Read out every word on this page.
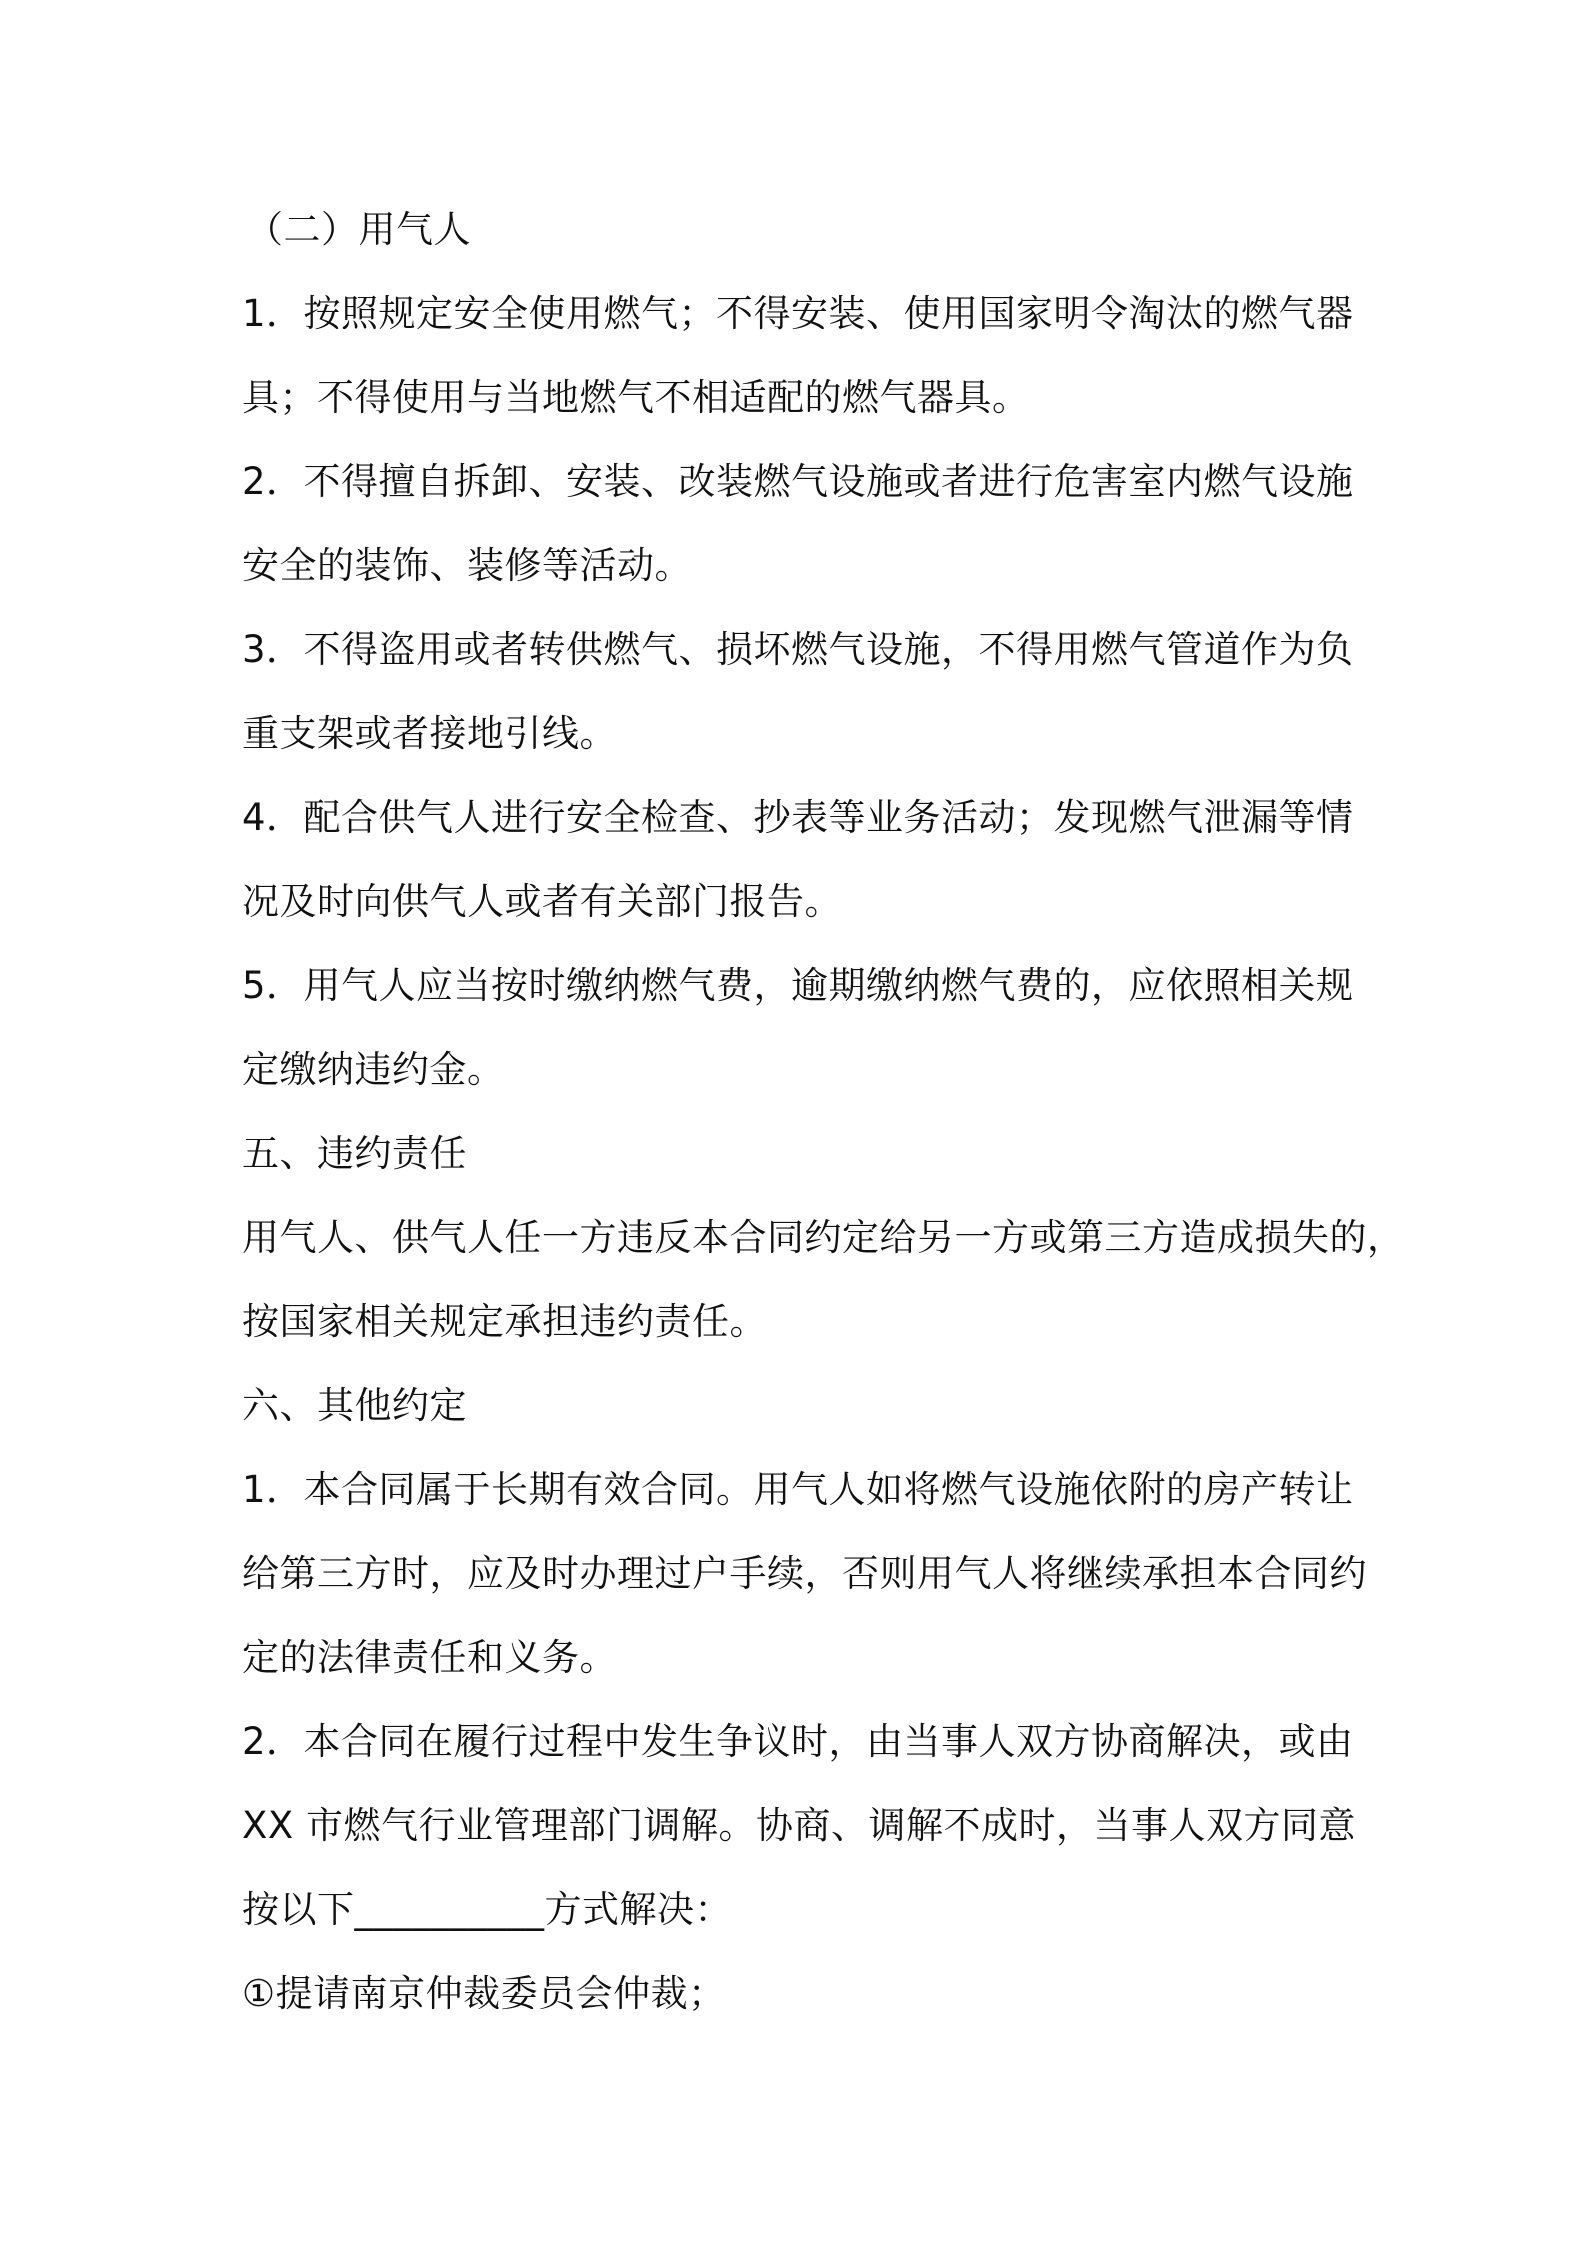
（二）用气人
1．按照规定安全使用燃气；不得安装、使用国家明令淘汰的燃气器
具；不得使用与当地燃气不相适配的燃气器具。
2．不得擅自拆卸、安装、改装燃气设施或者进行危害室内燃气设施
安全的装饰、装修等活动。
3．不得盗用或者转供燃气、损坏燃气设施，不得用燃气管道作为负
重支架或者接地引线。
4．配合供气人进行安全检查、抄表等业务活动；发现燃气泄漏等情
况及时向供气人或者有关部门报告。
5．用气人应当按时缴纳燃气费，逾期缴纳燃气费的，应依照相关规
定缴纳违约金。
五、违约责任
用气人、供气人任一方违反本合同约定给另一方或第三方造成损失的，
按国家相关规定承担违约责任。
六、其他约定
1．本合同属于长期有效合同。用气人如将燃气设施依附的房产转让
给第三方时，应及时办理过户手续，否则用气人将继续承担本合同约
定的法律责任和义务。
2．本合同在履行过程中发生争议时，由当事人双方协商解决，或由
XX 市燃气行业管理部门调解。协商、调解不成时，当事人双方同意
按以下__________方式解决：
①提请南京仲裁委员会仲裁；
